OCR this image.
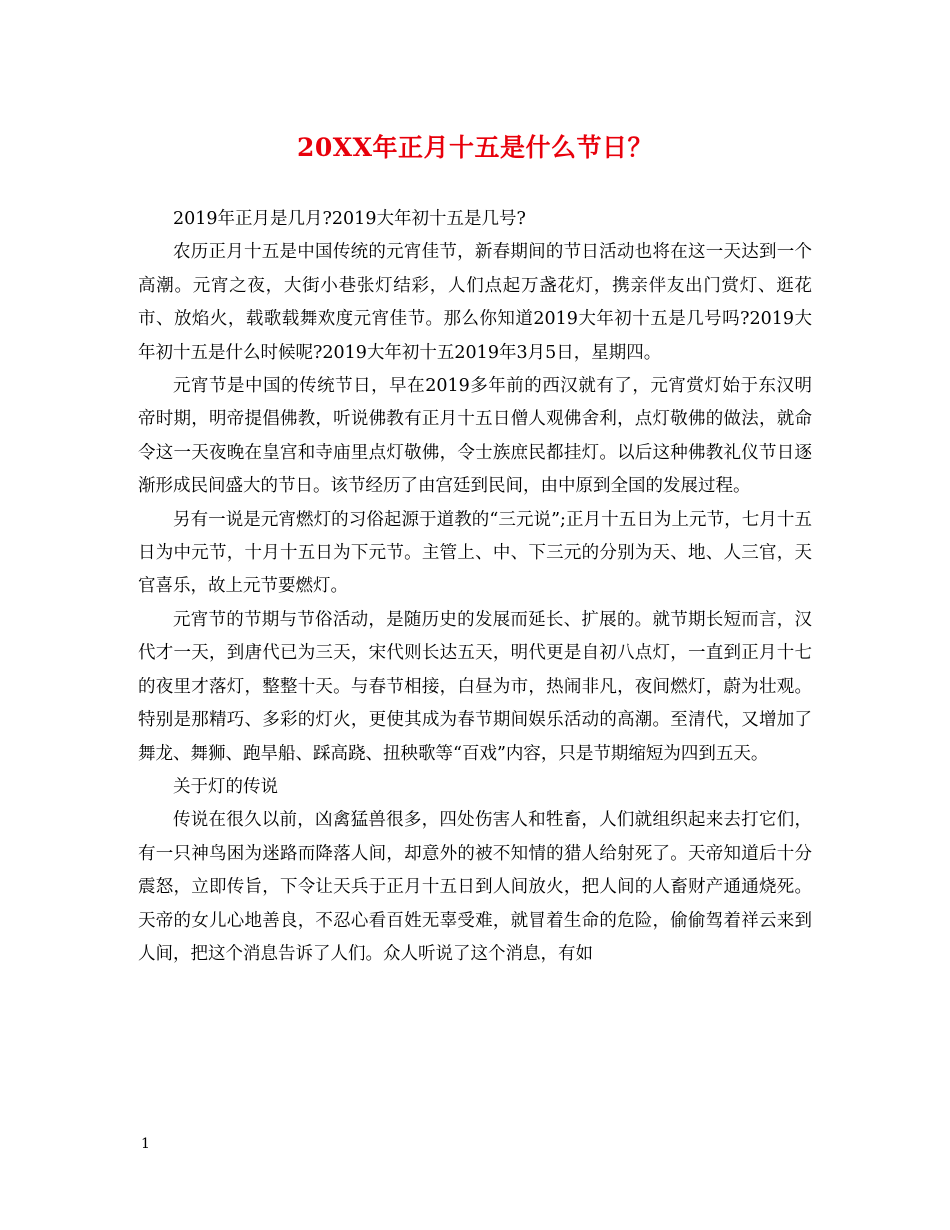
20XX年正月十五是什么节日？

2019年正月是几月?2019大年初十五是几号?

农历正月十五是中国传统的元宵佳节，新春期间的节日活动也将在这一天达到一个高潮。元宵之夜，大街小巷张灯结彩，人们点起万盏花灯，携亲伴友出门赏灯、逛花市、放焰火，载歌载舞欢度元宵佳节。那么你知道2019大年初十五是几号吗?2019大年初十五是什么时候呢?2019大年初十五2019年3月5日，星期四。

元宵节是中国的传统节日，早在2019多年前的西汉就有了，元宵赏灯始于东汉明帝时期，明帝提倡佛教，听说佛教有正月十五日僧人观佛舍利，点灯敬佛的做法，就命令这一天夜晚在皇宫和寺庙里点灯敬佛，令士族庶民都挂灯。以后这种佛教礼仪节日逐渐形成民间盛大的节日。该节经历了由宫廷到民间，由中原到全国的发展过程。

另有一说是元宵燃灯的习俗起源于道教的“三元说”;正月十五日为上元节，七月十五日为中元节，十月十五日为下元节。主管上、中、下三元的分别为天、地、人三官，天官喜乐，故上元节要燃灯。

元宵节的节期与节俗活动，是随历史的发展而延长、扩展的。就节期长短而言，汉代才一天，到唐代已为三天，宋代则长达五天，明代更是自初八点灯，一直到正月十七的夜里才落灯，整整十天。与春节相接，白昼为市，热闹非凡，夜间燃灯，蔚为壮观。特别是那精巧、多彩的灯火，更使其成为春节期间娱乐活动的高潮。至清代，又增加了舞龙、舞狮、跑旱船、踩高跷、扭秧歌等“百戏”内容，只是节期缩短为四到五天。

关于灯的传说

传说在很久以前，凶禽猛兽很多，四处伤害人和牲畜，人们就组织起来去打它们， 有一只神鸟困为迷路而降落人间，却意外的被不知情的猎人给射死了。天帝知道后十分震怒，立即传旨，下令让天兵于正月十五日到人间放火，把人间的人畜财产通通烧死。 天帝的女儿心地善良，不忍心看百姓无辜受难，就冒着生命的危险，偷偷驾着祥云来到人间，把这个消息告诉了人们。众人听说了这个消息，有如

1
